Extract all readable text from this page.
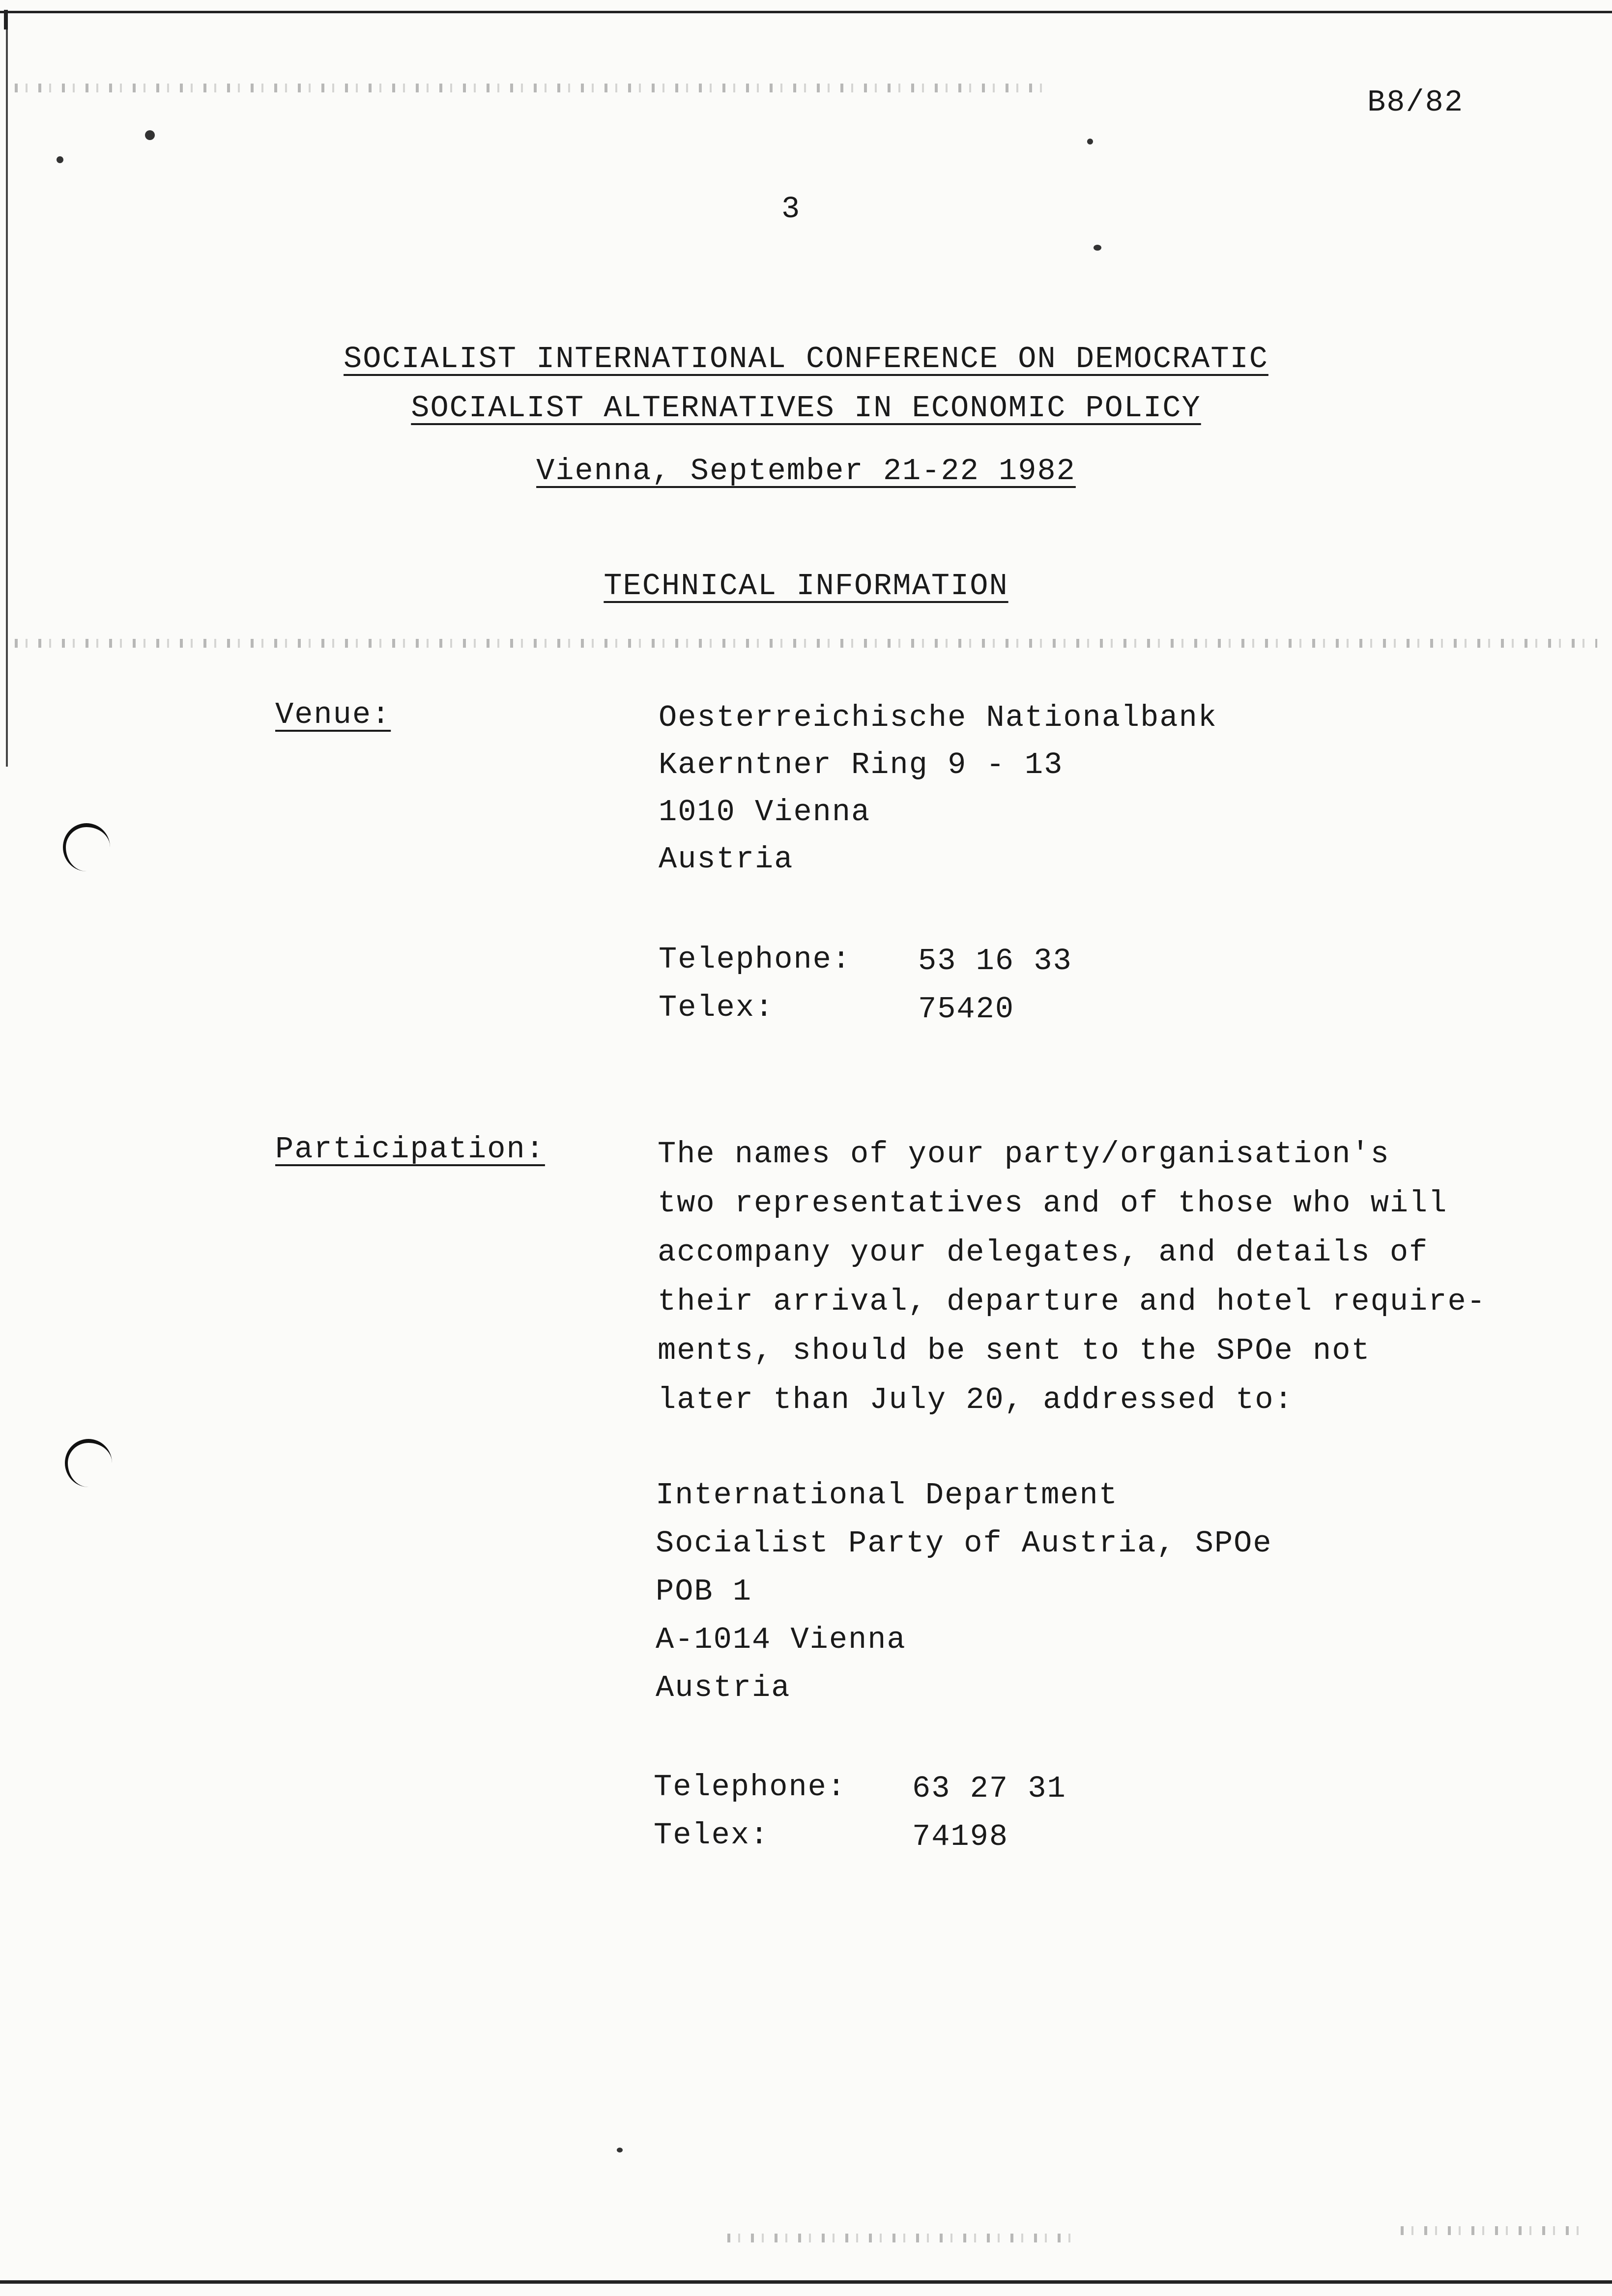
B8/82
3
SOCIALIST INTERNATIONAL CONFERENCE ON DEMOCRATIC
SOCIALIST ALTERNATIVES IN ECONOMIC POLICY
Vienna, September 21-22 1982
TECHNICAL INFORMATION
Venue:	Oesterreichische Nationalbank
Kaerntner Ring 9 - 13
1010 Vienna
Austria
Telephone: 53 16 33
Telex:	75420
Participation:	The names of your party/organisation's
two representatives and of those who will
accompany your delegates, and details of
their arrival, departure and hotel require-
ments, should be sent to the SPOe not
later than July 20, addressed to:
International Department
Socialist Party of Austria, SPOe
POB 1
A-1014 Vienna
Austria
Telephone: 63 27 31
Telex:	74198
